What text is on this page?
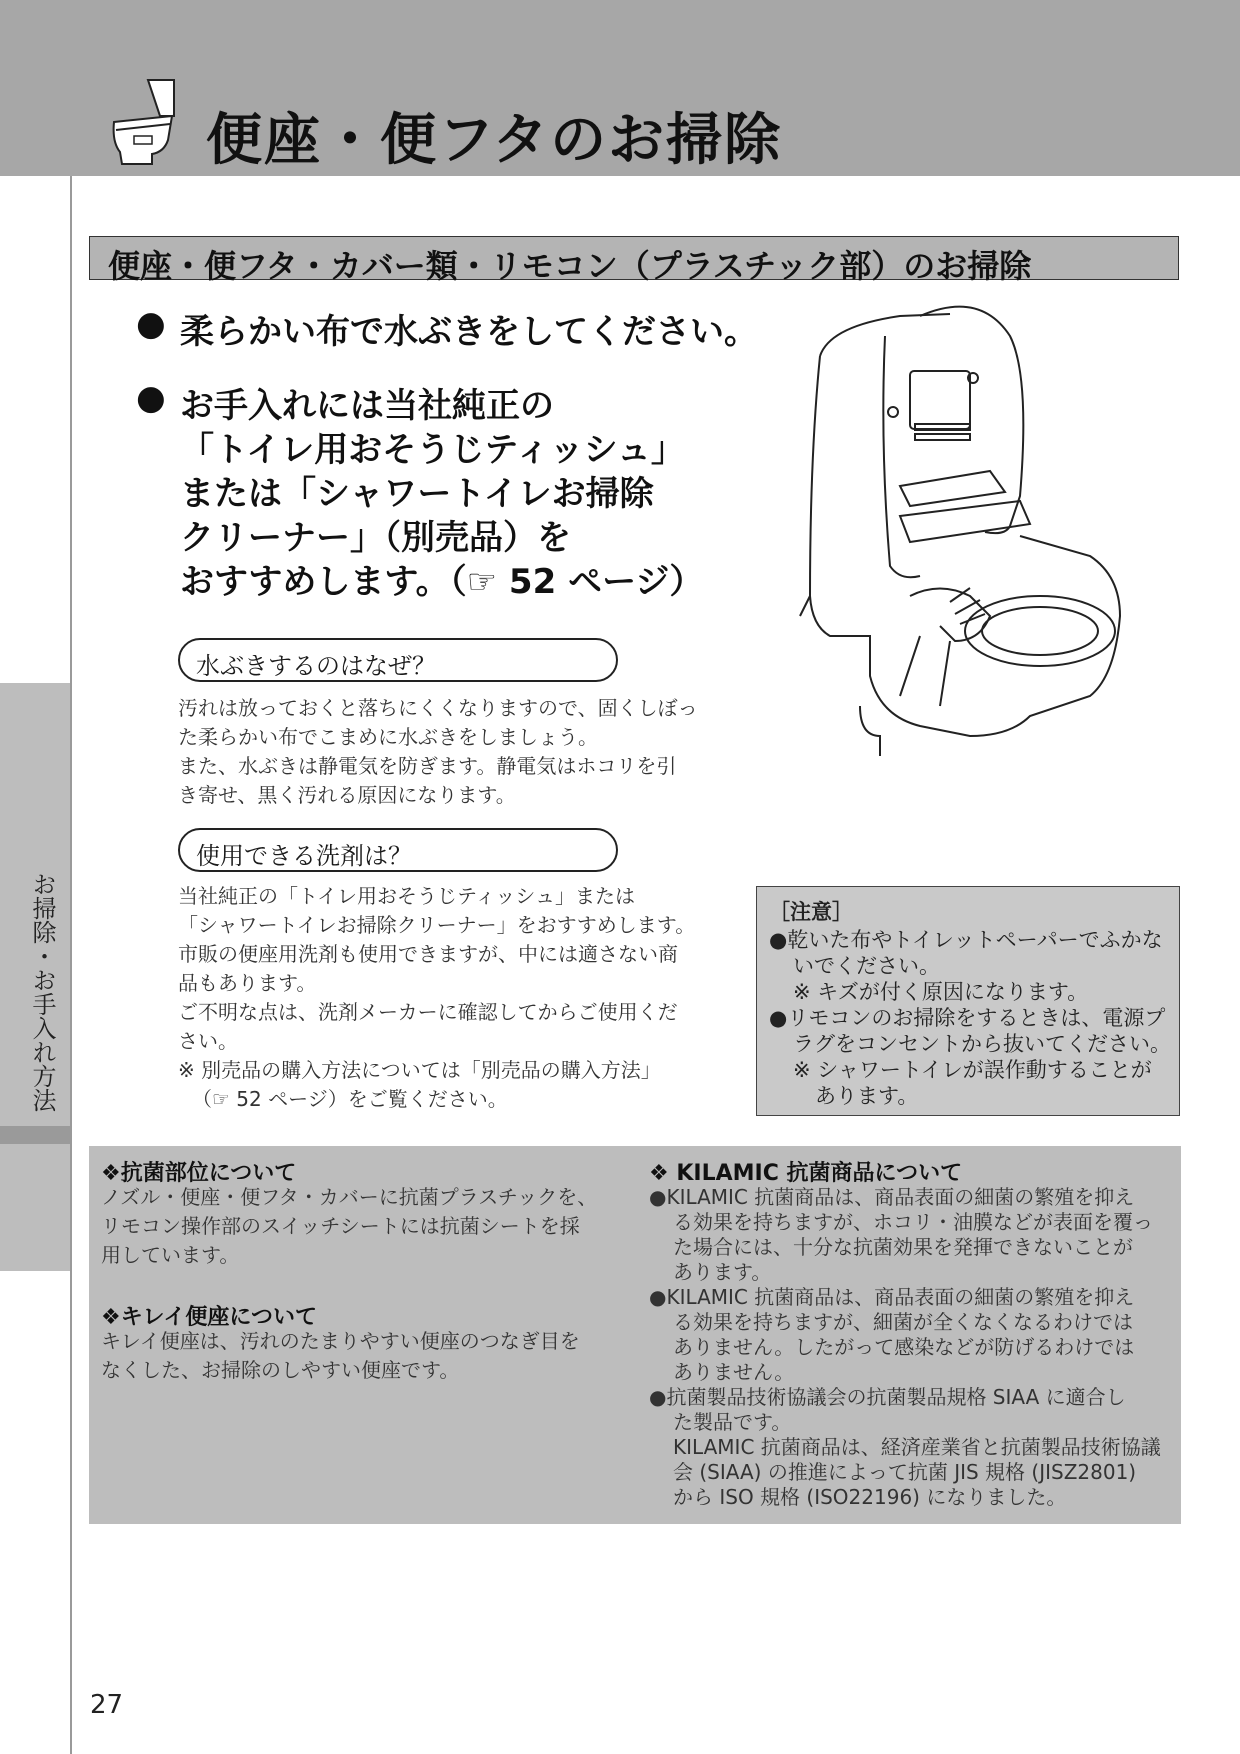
便座・便フタのお掃除
お掃除・お手入れ方法
便座・便フタ・カバー類・リモコン（プラスチック部）のお掃除
● 柔らかい布で水ぶきをしてください。
● お手入れには当社純正の
「トイレ用おそうじティッシュ」
または「シャワートイレお掃除
クリーナー」（別売品）を
おすすめします。（☞ 52 ページ）
水ぶきするのはなぜ？
汚れは放っておくと落ちにくくなりますので、固くしぼっ
た柔らかい布でこまめに水ぶきをしましょう。
また、水ぶきは静電気を防ぎます。静電気はホコリを引
き寄せ、黒く汚れる原因になります。
使用できる洗剤は？
当社純正の「トイレ用おそうじティッシュ」または
「シャワートイレお掃除クリーナー」をおすすめします。
市販の便座用洗剤も使用できますが、中には適さない商
品もあります。
ご不明な点は、洗剤メーカーに確認してからご使用くだ
さい。
※ 別売品の購入方法については「別売品の購入方法」
（☞ 52 ページ）をご覧ください。
［注意］
●乾いた布やトイレットペーパーでふかな
いでください。
※ キズが付く原因になります。
●リモコンのお掃除をするときは、電源プ
ラグをコンセントから抜いてください。
※ シャワートイレが誤作動することが
あります。
❖抗菌部位について
ノズル・便座・便フタ・カバーに抗菌プラスチックを、
リモコン操作部のスイッチシートには抗菌シートを採
用しています。
❖キレイ便座について
キレイ便座は、汚れのたまりやすい便座のつなぎ目を
なくした、お掃除のしやすい便座です。
❖ KILAMIC 抗菌商品について
●KILAMIC 抗菌商品は、商品表面の細菌の繁殖を抑え
る効果を持ちますが、ホコリ・油膜などが表面を覆っ
た場合には、十分な抗菌効果を発揮できないことが
あります。
●KILAMIC 抗菌商品は、商品表面の細菌の繁殖を抑え
る効果を持ちますが、細菌が全くなくなるわけでは
ありません。したがって感染などが防げるわけでは
ありません。
●抗菌製品技術協議会の抗菌製品規格 SIAA に適合し
た製品です。
KILAMIC 抗菌商品は、経済産業省と抗菌製品技術協議
会 (SIAA) の推進によって抗菌 JIS 規格 (JISZ2801)
から ISO 規格 (ISO22196) になりました。
27
